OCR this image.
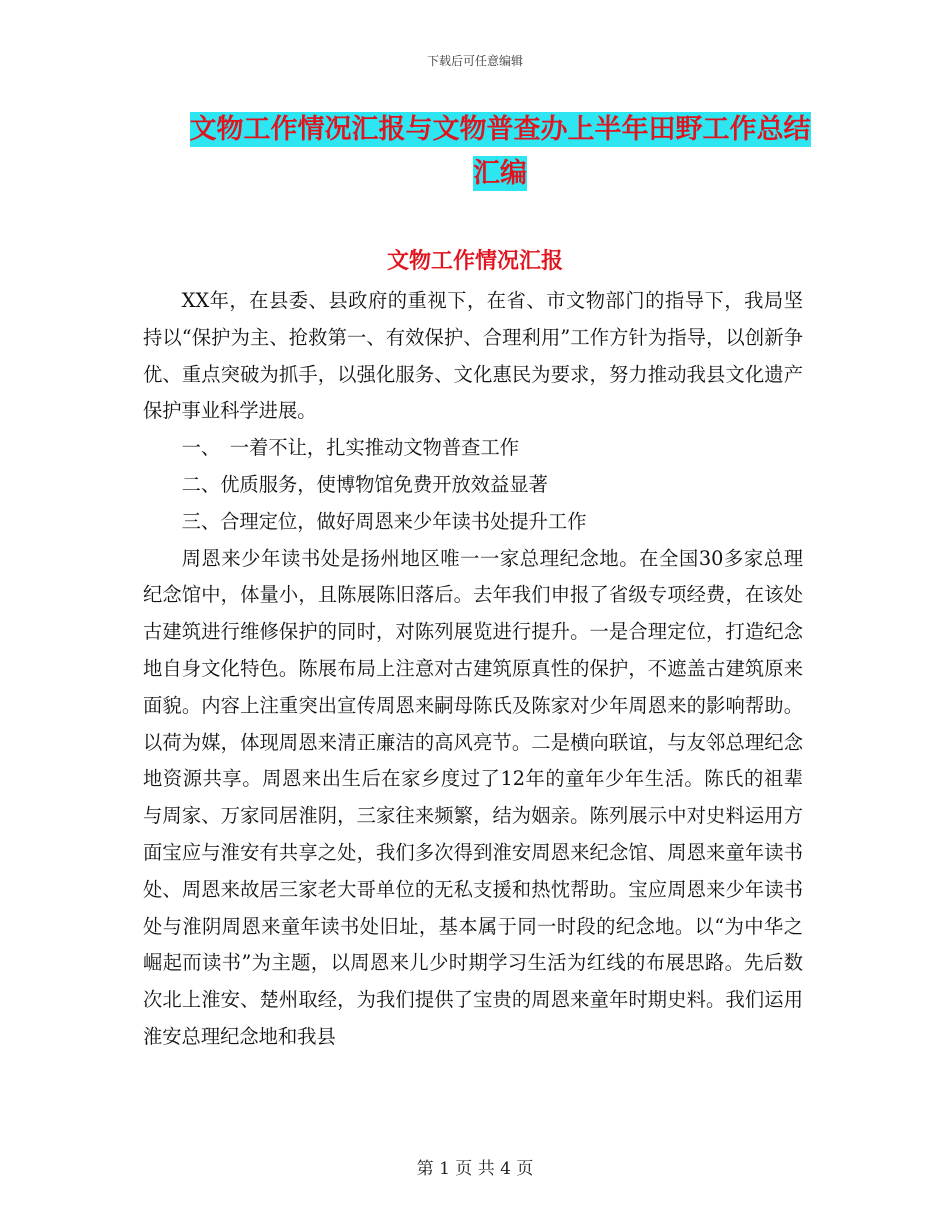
下载后可任意编辑
文物工作情况汇报与文物普查办上半年田野工作总结
汇编
文物工作情况汇报

XX年，在县委、县政府的重视下，在省、市文物部门的指导下，我局坚持以“保护为主、抢救第一、有效保护、合理利用”工作方针为指导，以创新争优、重点突破为抓手，以强化服务、文化惠民为要求，努力推动我县文化遗产保护事业科学进展。

一、　一着不让，扎实推动文物普查工作

二、优质服务，使博物馆免费开放效益显著

三、合理定位，做好周恩来少年读书处提升工作

周恩来少年读书处是扬州地区唯一一家总理纪念地。在全国30多家总理纪念馆中，体量小，且陈展陈旧落后。去年我们申报了省级专项经费，在该处古建筑进行维修保护的同时，对陈列展览进行提升。一是合理定位，打造纪念地自身文化特色。陈展布局上注意对古建筑原真性的保护，不遮盖古建筑原来面貌。内容上注重突出宣传周恩来嗣母陈氏及陈家对少年周恩来的影响帮助。以荷为媒，体现周恩来清正廉洁的高风亮节。二是横向联谊，与友邻总理纪念地资源共享。周恩来出生后在家乡度过了12年的童年少年生活。陈氏的祖辈与周家、万家同居淮阴，三家往来频繁，结为姻亲。陈列展示中对史料运用方面宝应与淮安有共享之处，我们多次得到淮安周恩来纪念馆、周恩来童年读书处、周恩来故居三家老大哥单位的无私支援和热忱帮助。宝应周恩来少年读书处与淮阴周恩来童年读书处旧址，基本属于同一时段的纪念地。以“为中华之崛起而读书”为主题，以周恩来儿少时期学习生活为红线的布展思路。先后数次北上淮安、楚州取经，为我们提供了宝贵的周恩来童年时期史料。我们运用淮安总理纪念地和我县

第 1 页 共 4 页
